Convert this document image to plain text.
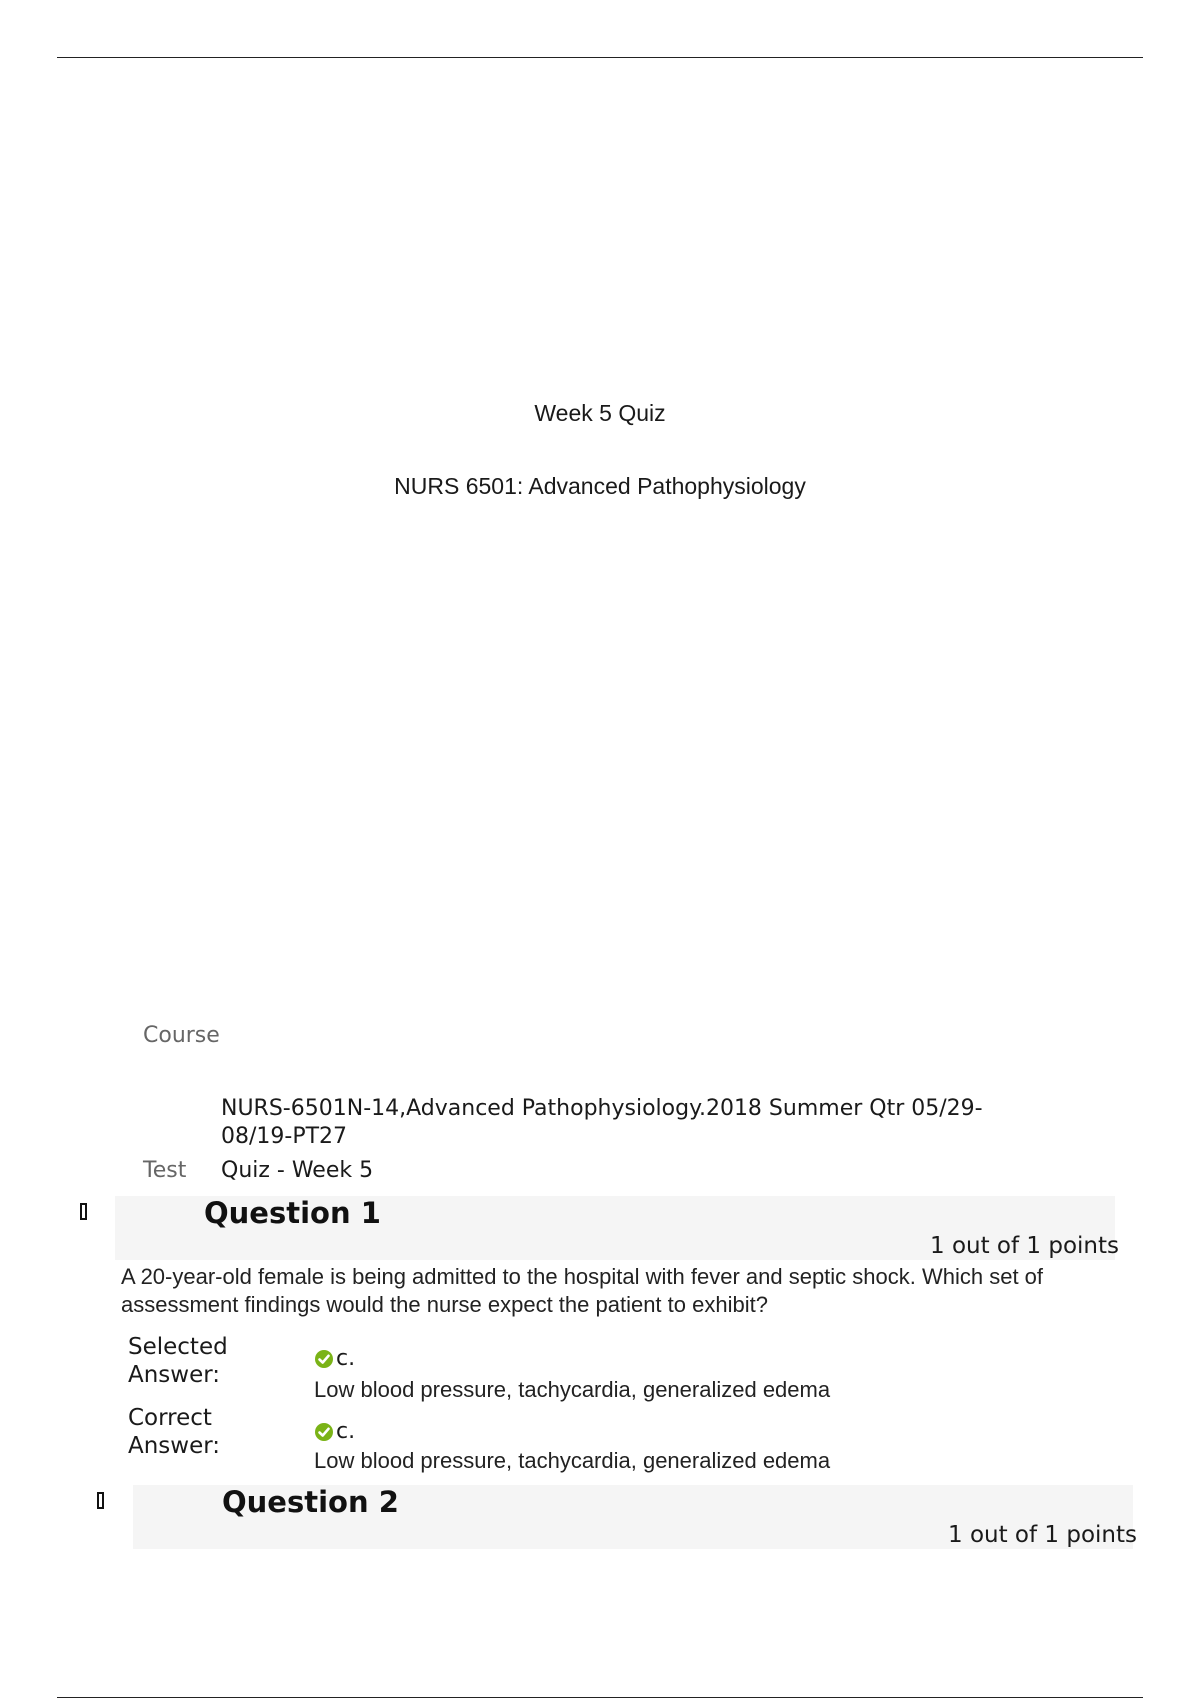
Week 5 Quiz
NURS 6501: Advanced Pathophysiology
Course
NURS-6501N-14,Advanced Pathophysiology.2018 Summer Qtr 05/29-08/19-PT27
Test Quiz - Week 5
Question 1
1 out of 1 points
A 20-year-old female is being admitted to the hospital with fever and septic shock. Which set of assessment findings would the nurse expect the patient to exhibit?
Selected Answer:
c.
Low blood pressure, tachycardia, generalized edema
Correct Answer:
c.
Low blood pressure, tachycardia, generalized edema
Question 2
1 out of 1 points
